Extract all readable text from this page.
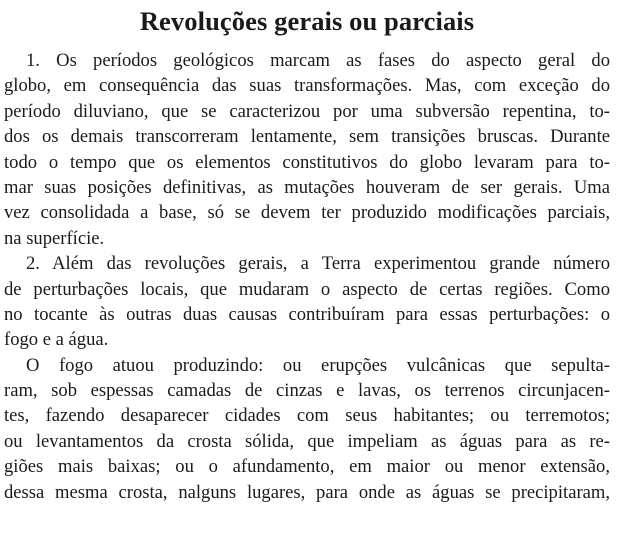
Revoluções gerais ou parciais
1. Os períodos geológicos marcam as fases do aspecto geral do
globo, em consequência das suas transformações. Mas, com exceção do
período diluviano, que se caracterizou por uma subversão repentina, to-
dos os demais transcorreram lentamente, sem transições bruscas. Durante
todo o tempo que os elementos constitutivos do globo levaram para to-
mar suas posições definitivas, as mutações houveram de ser gerais. Uma
vez consolidada a base, só se devem ter produzido modificações parciais,
na superfície.
2. Além das revoluções gerais, a Terra experimentou grande número
de perturbações locais, que mudaram o aspecto de certas regiões. Como
no tocante às outras duas causas contribuíram para essas perturbações: o
fogo e a água.
O fogo atuou produzindo: ou erupções vulcânicas que sepulta-
ram, sob espessas camadas de cinzas e lavas, os terrenos circunjacen-
tes, fazendo desaparecer cidades com seus habitantes; ou terremotos;
ou levantamentos da crosta sólida, que impeliam as águas para as re-
giões mais baixas; ou o afundamento, em maior ou menor extensão,
dessa mesma crosta, nalguns lugares, para onde as águas se precipitaram,
